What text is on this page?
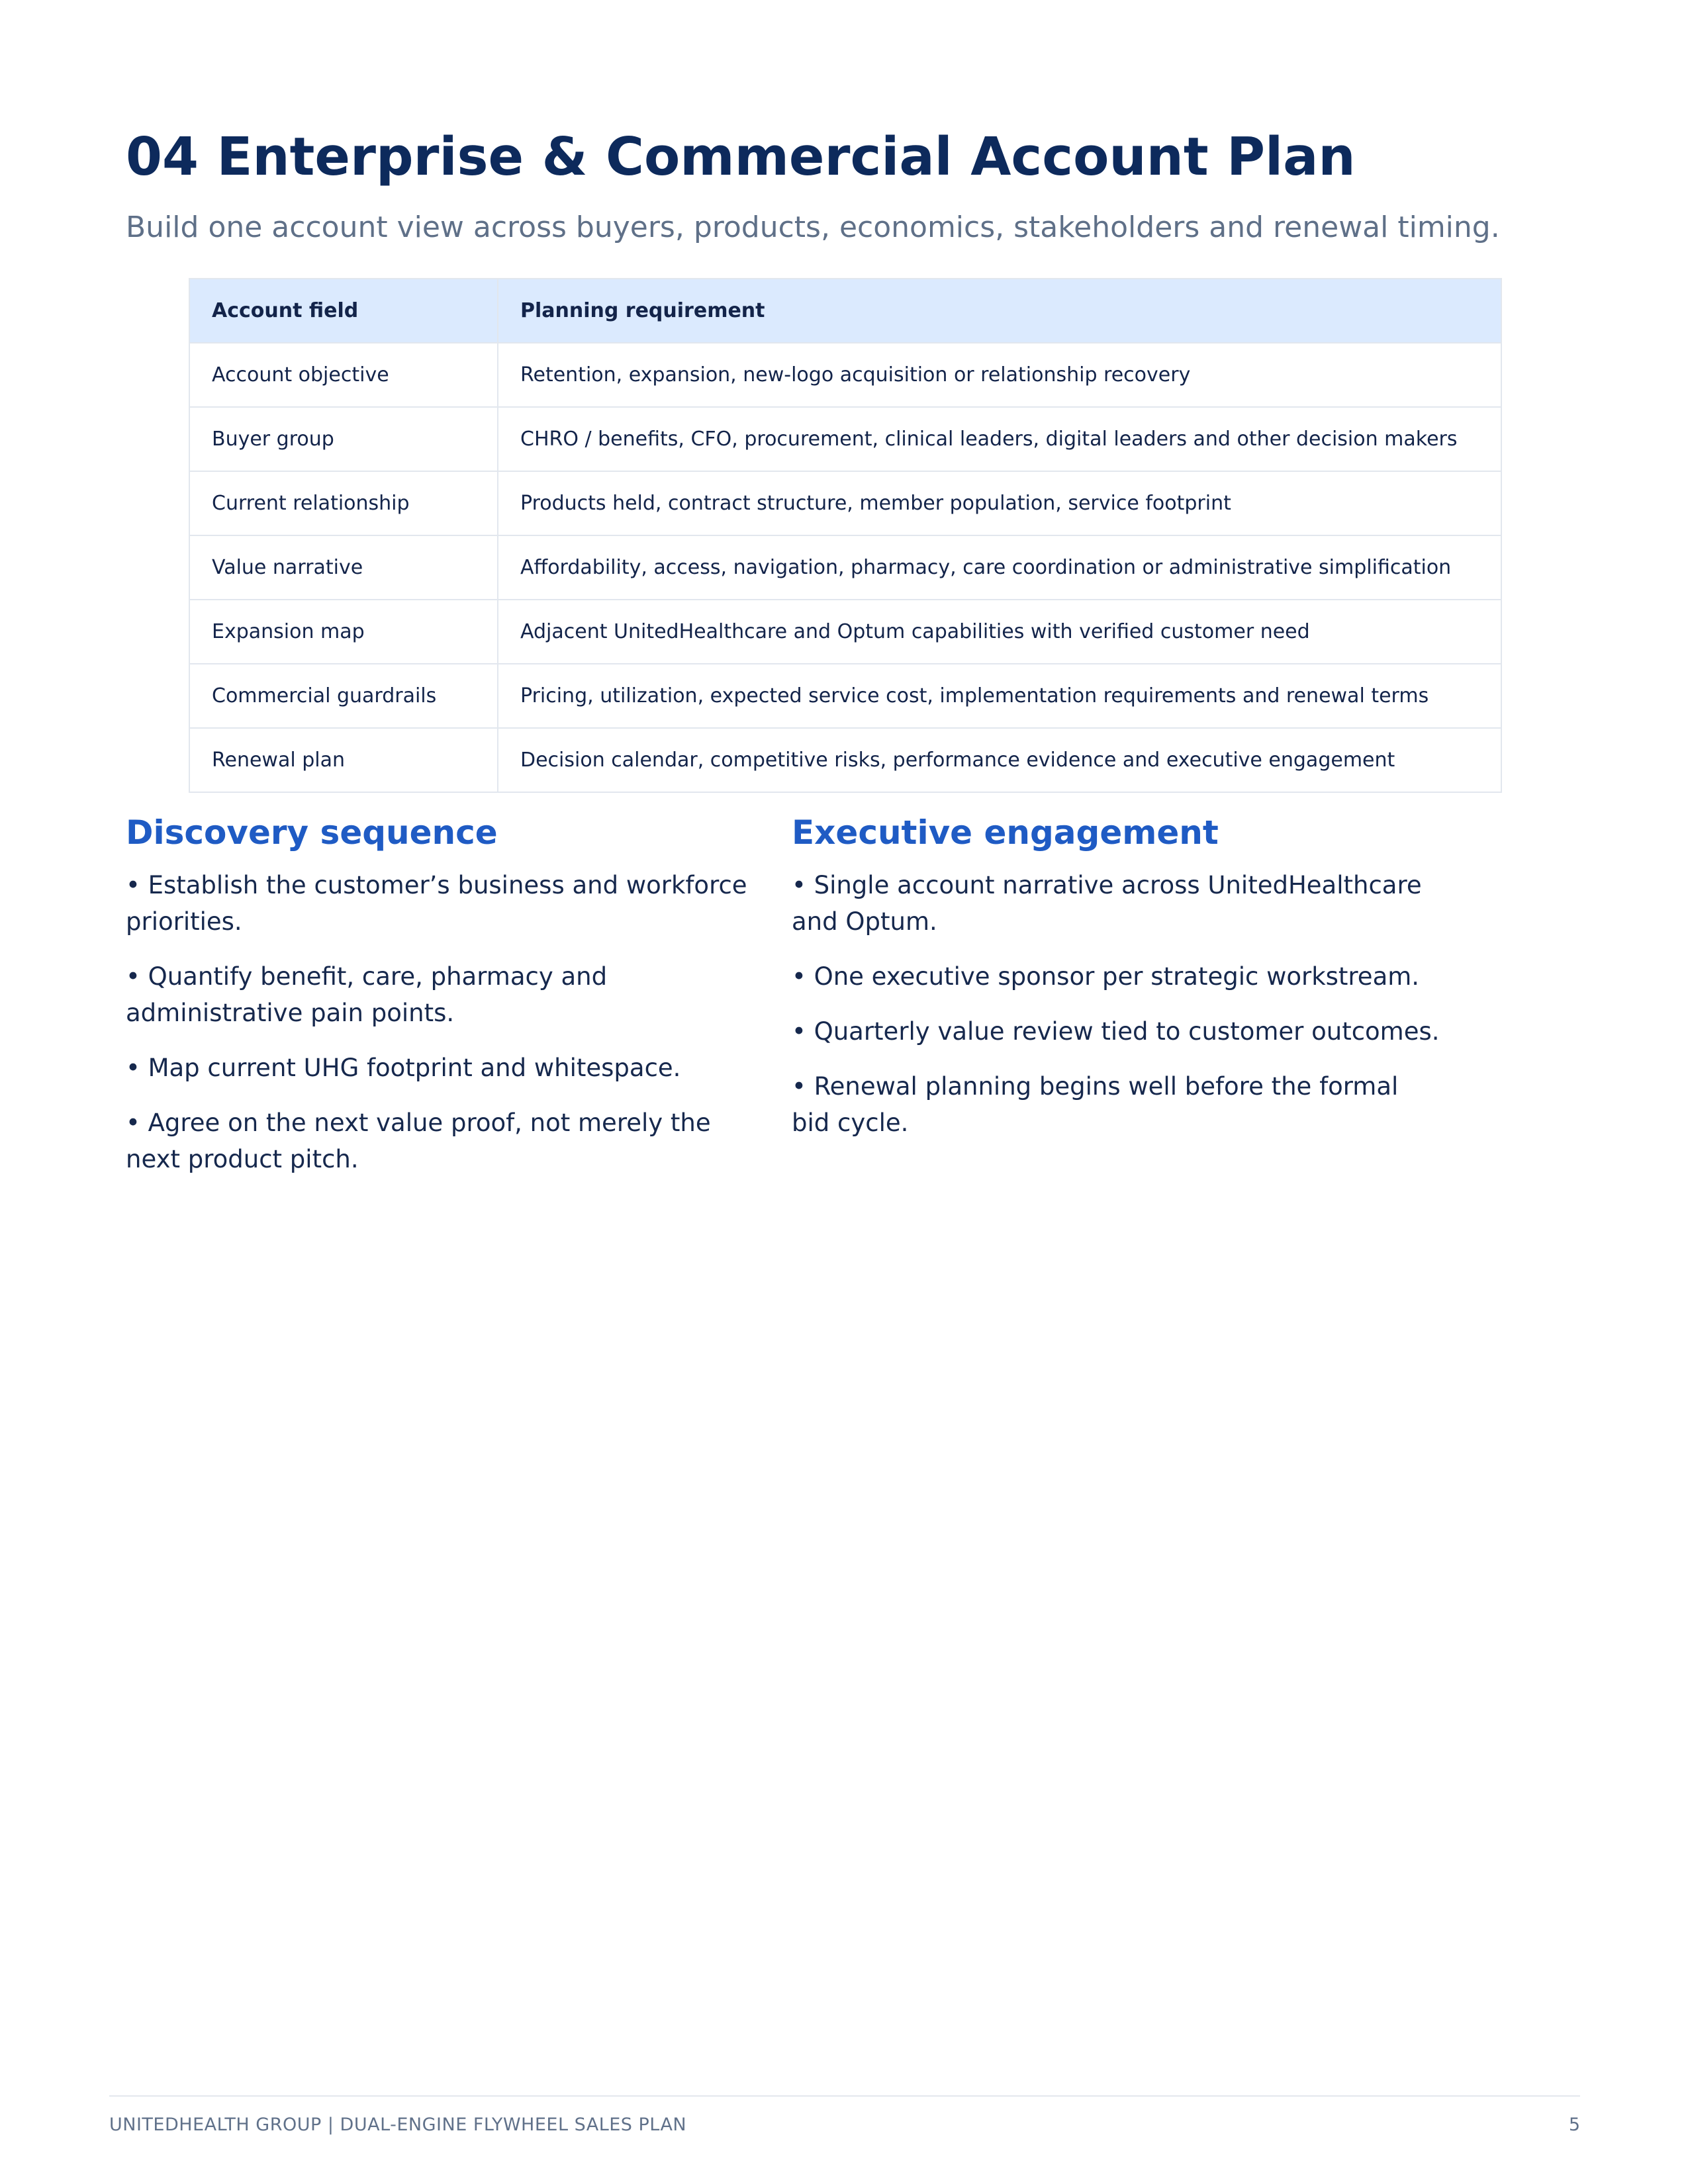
04 Enterprise & Commercial Account Plan

Build one account view across buyers, products, economics, stakeholders and renewal timing.

Account field	Planning requirement
Account objective	Retention, expansion, new-logo acquisition or relationship recovery
Buyer group	CHRO / benefits, CFO, procurement, clinical leaders, digital leaders and other decision makers
Current relationship	Products held, contract structure, member population, service footprint
Value narrative	Affordability, access, navigation, pharmacy, care coordination or administrative simplification
Expansion map	Adjacent UnitedHealthcare and Optum capabilities with verified customer need
Commercial guardrails	Pricing, utilization, expected service cost, implementation requirements and renewal terms
Renewal plan	Decision calendar, competitive risks, performance evidence and executive engagement
Discovery sequence
• Establish the customer’s business and workforce priorities.
• Quantify benefit, care, pharmacy and administrative pain points.
• Map current UHG footprint and whitespace.
• Agree on the next value proof, not merely the next product pitch.
Executive engagement
• Single account narrative across UnitedHealthcare and Optum.
• One executive sponsor per strategic workstream.
• Quarterly value review tied to customer outcomes.
• Renewal planning begins well before the formal bid cycle.
UNITEDHEALTH GROUP | DUAL-ENGINE FLYWHEEL SALES PLAN	5
